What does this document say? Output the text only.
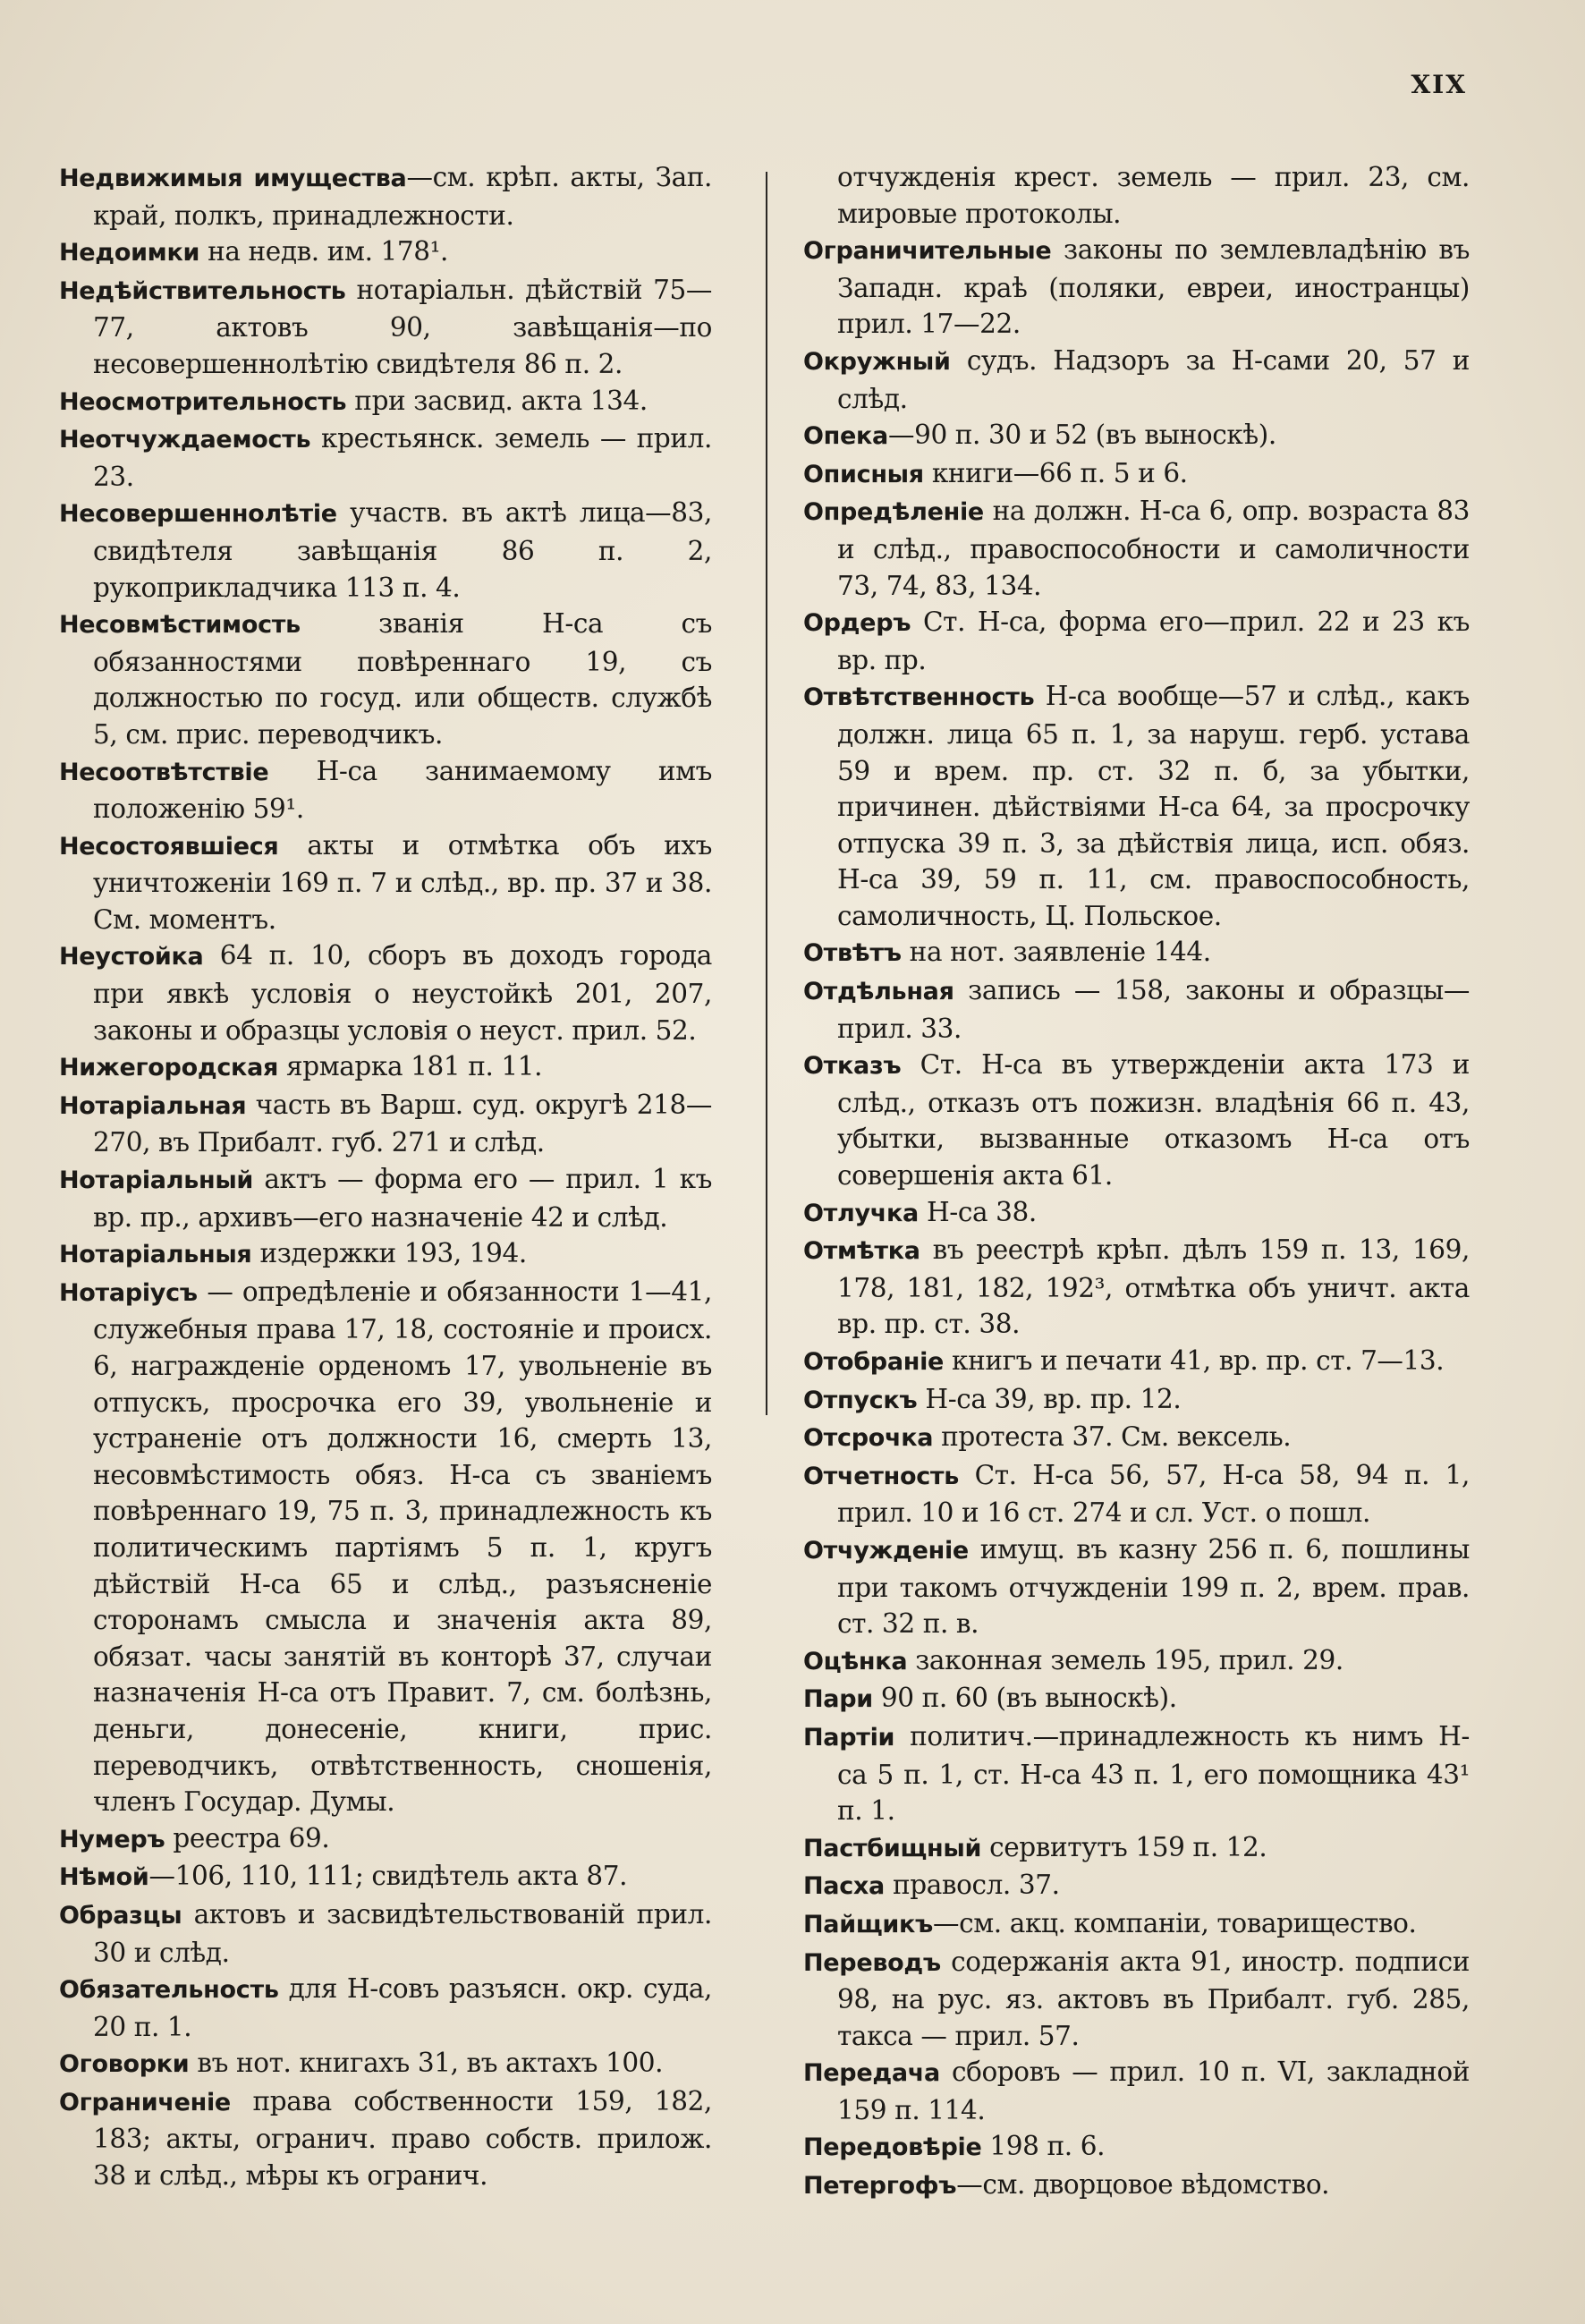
XIX

Недвижимыя имущества—см. крѣп. акты, Зап. край, полкъ, принадлежности.

Недоимки на недв. им. 178¹.

Недѣйствительность нотаріальн. дѣйствій 75—77, актовъ 90, завѣщанія—по несовершеннолѣтію свидѣтеля 86 п. 2.

Неосмотрительность при засвид. акта 134.

Неотчуждаемость крестьянск. земель — прил. 23.

Несовершеннолѣтіе участв. въ актѣ лица—83, свидѣтеля завѣщанія 86 п. 2, рукоприкладчика 113 п. 4.

Несовмѣстимость званія Н-са съ обязанностями повѣреннаго 19, съ должностью по госуд. или обществ. службѣ 5, см. прис. переводчикъ.

Несоотвѣтствіе Н-са занимаемому имъ положенію 59¹.

Несостоявшіеся акты и отмѣтка объ ихъ уничтоженіи 169 п. 7 и слѣд., вр. пр. 37 и 38. См. моментъ.

Неустойка 64 п. 10, сборъ въ доходъ города при явкѣ условія о неустойкѣ 201, 207, законы и образцы условія о неуст. прил. 52.

Нижегородская ярмарка 181 п. 11.

Нотаріальная часть въ Варш. суд. округѣ 218—270, въ Прибалт. губ. 271 и слѣд.

Нотаріальный актъ — форма его — прил. 1 къ вр. пр., архивъ—его назначеніе 42 и слѣд.

Нотаріальныя издержки 193, 194.

Нотаріусъ — опредѣленіе и обязанности 1—41, служебныя права 17, 18, состояніе и происх. 6, награжденіе орденомъ 17, увольненіе въ отпускъ, просрочка его 39, увольненіе и устраненіе отъ должности 16, смерть 13, несовмѣстимость обяз. Н-са съ званіемъ повѣреннаго 19, 75 п. 3, принадлежность къ политическимъ партіямъ 5 п. 1, кругъ дѣйствій Н-са 65 и слѣд., разъясненіе сторонамъ смысла и значенія акта 89, обязат. часы занятій въ конторѣ 37, случаи назначенія Н-са отъ Правит. 7, см. болѣзнь, деньги, донесеніе, книги, прис. переводчикъ, отвѣтственность, сношенія, членъ Государ. Думы.

Нумеръ реестра 69.

Нѣмой—106, 110, 111; свидѣтель акта 87.

Образцы актовъ и засвидѣтельствованій прил. 30 и слѣд.

Обязательность для Н-совъ разъясн. окр. суда, 20 п. 1.

Оговорки въ нот. книгахъ 31, въ актахъ 100.

Ограниченіе права собственности 159, 182, 183; акты, огранич. право собств. прилож. 38 и слѣд., мѣры къ огранич.

отчужденія крест. земель — прил. 23, см. мировые протоколы.

Ограничительные законы по землевладѣнію въ Западн. краѣ (поляки, евреи, иностранцы) прил. 17—22.

Окружный судъ. Надзоръ за Н-сами 20, 57 и слѣд.

Опека—90 п. 30 и 52 (въ выноскѣ).

Описныя книги—66 п. 5 и 6.

Опредѣленіе на должн. Н-са 6, опр. возраста 83 и слѣд., правоспособности и самоличности 73, 74, 83, 134.

Ордеръ Ст. Н-са, форма его—прил. 22 и 23 къ вр. пр.

Отвѣтственность Н-са вообще—57 и слѣд., какъ должн. лица 65 п. 1, за наруш. герб. устава 59 и врем. пр. ст. 32 п. б, за убытки, причинен. дѣйствіями Н-са 64, за просрочку отпуска 39 п. 3, за дѣйствія лица, исп. обяз. Н-са 39, 59 п. 11, см. правоспособность, самоличность, Ц. Польское.

Отвѣтъ на нот. заявленіе 144.

Отдѣльная запись — 158, законы и образцы—прил. 33.

Отказъ Ст. Н-са въ утвержденіи акта 173 и слѣд., отказъ отъ пожизн. владѣнія 66 п. 43, убытки, вызванные отказомъ Н-са отъ совершенія акта 61.

Отлучка Н-са 38.

Отмѣтка въ реестрѣ крѣп. дѣлъ 159 п. 13, 169, 178, 181, 182, 192³, отмѣтка объ уничт. акта вр. пр. ст. 38.

Отобраніе книгъ и печати 41, вр. пр. ст. 7—13.

Отпускъ Н-са 39, вр. пр. 12.

Отсрочка протеста 37. См. вексель.

Отчетность Ст. Н-са 56, 57, Н-са 58, 94 п. 1, прил. 10 и 16 ст. 274 и сл. Уст. о пошл.

Отчужденіе имущ. въ казну 256 п. 6, пошлины при такомъ отчужденіи 199 п. 2, врем. прав. ст. 32 п. в.

Оцѣнка законная земель 195, прил. 29.

Пари 90 п. 60 (въ выноскѣ).

Партіи политич.—принадлежность къ нимъ Н-са 5 п. 1, ст. Н-са 43 п. 1, его помощника 43¹ п. 1.

Пастбищный сервитутъ 159 п. 12.

Пасха правосл. 37.

Пайщикъ—см. акц. компаніи, товарищество.

Переводъ содержанія акта 91, иностр. подписи 98, на рус. яз. актовъ въ Прибалт. губ. 285, такса — прил. 57.

Передача сборовъ — прил. 10 п. VI, закладной 159 п. 114.

Передовѣріе 198 п. 6.

Петергофъ—см. дворцовое вѣдомство.
